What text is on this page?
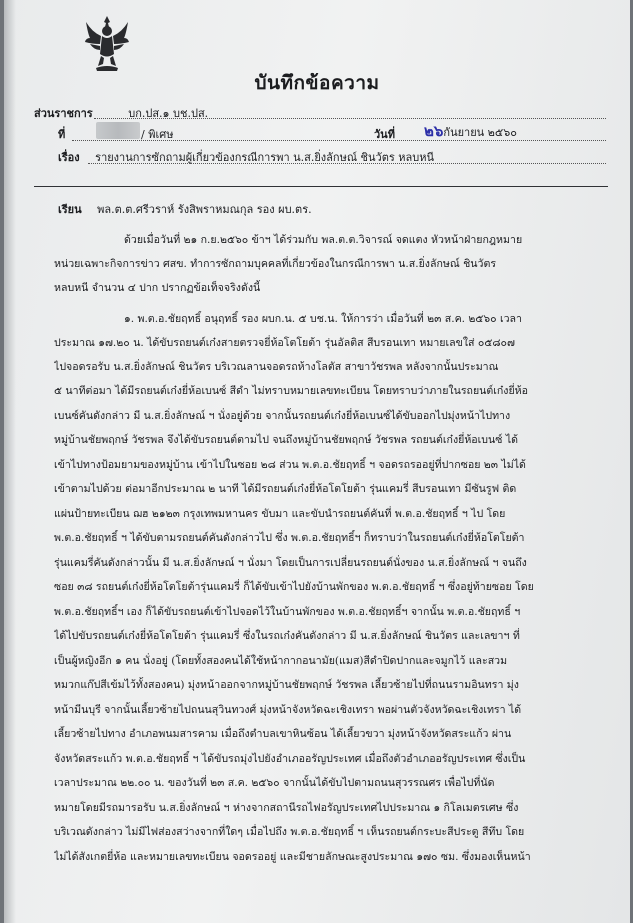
บันทึกข้อความ
ส่วนราชการ	บก.ปส.๑ บช.ปส.
ที่	/ พิเศษ	วันที่ ๒๖กันยายน ๒๕๖๐
เรื่อง รายงานการซักถามผู้เกี่ยวข้องกรณีการพา น.ส.ยิ่งลักษณ์ ชินวัตร หลบหนี
เรียน พล.ต.ต.ศรีวราห์ รังสิพราหมณกุล รอง ผบ.ตร.
ด้วยเมื่อวันที่ ๒๑ ก.ย.๒๕๖๐ ข้าฯ ได้ร่วมกับ พล.ต.ต.วิจารณ์ จดแตง หัวหน้าฝ่ายกฎหมาย
หน่วยเฉพาะกิจการข่าว ศสข. ทำการซักถามบุคคลที่เกี่ยวข้องในกรณีการพา น.ส.ยิ่งลักษณ์ ชินวัตร
หลบหนี จำนวน ๔ ปาก ปรากฏข้อเท็จจริงดังนี้
๑. พ.ต.อ.ชัยฤทธิ์ อนุฤทธิ์ รอง ผบก.น. ๕ บช.น. ให้การว่า เมื่อวันที่ ๒๓ ส.ค. ๒๕๖๐ เวลา
ประมาณ ๑๗.๒๐ น. ได้ขับรถยนต์เก๋งสายตรวจยี่ห้อโตโยต้า รุ่นอัลติส สีบรอนเทา หมายเลขใส่ ๐๕๘๐๗
ไปจอดรอรับ น.ส.ยิ่งลักษณ์ ชินวัตร บริเวณลานจอดรถห้างโลตัส สาขาวัชรพล หลังจากนั้นประมาณ
๕ นาทีต่อมา ได้มีรถยนต์เก๋งยี่ห้อเบนซ์ สีดำ ไม่ทราบหมายเลขทะเบียน โดยทราบว่าภายในรถยนต์เก๋งยี่ห้อ
เบนซ์คันดังกล่าว มี น.ส.ยิ่งลักษณ์ ฯ นั่งอยู่ด้วย จากนั้นรถยนต์เก๋งยี่ห้อเบนซ์ได้ขับออกไปมุ่งหน้าไปทาง
หมู่บ้านชัยพฤกษ์ วัชรพล จึงได้ขับรถยนต์ตามไป จนถึงหมู่บ้านชัยพฤกษ์ วัชรพล รถยนต์เก๋งยี่ห้อเบนซ์ ได้
เข้าไปทางป้อมยามของหมู่บ้าน เข้าไปในซอย ๒๘ ส่วน พ.ต.อ.ชัยฤทธิ์ ฯ จอดรถรออยู่ที่ปากซอย ๒๓ ไม่ได้
เข้าตามไปด้วย ต่อมาอีกประมาณ ๒ นาที ได้มีรถยนต์เก๋งยี่ห้อโตโยต้า รุ่นแคมรี่ สีบรอนเทา มีซันรูฟ ติด
แผ่นป้ายทะเบียน ฌฮ ๒๑๒๓ กรุงเทพมหานคร ขับมา และขับนำรถยนต์คันที่ พ.ต.อ.ชัยฤทธิ์ ฯ ไป โดย
พ.ต.อ.ชัยฤทธิ์ ฯ ได้ขับตามรถยนต์คันดังกล่าวไป ซึ่ง พ.ต.อ.ชัยฤทธิ์ฯ ก็ทราบว่าในรถยนต์เก๋งยี่ห้อโตโยต้า
รุ่นแคมรี่คันดังกล่าวนั้น มี น.ส.ยิ่งลักษณ์ ฯ นั่งมา โดยเป็นการเปลี่ยนรถยนต์นั่งของ น.ส.ยิ่งลักษณ์ ฯ จนถึง
ซอย ๓๘ รถยนต์เก๋งยี่ห้อโตโยต้ารุ่นแคมรี่ ก็ได้ขับเข้าไปยังบ้านพักของ พ.ต.อ.ชัยฤทธิ์ ฯ ซึ่งอยู่ท้ายซอย โดย
พ.ต.อ.ชัยฤทธิ์ฯ เอง ก็ได้ขับรถยนต์เข้าไปจอดไว้ในบ้านพักของ พ.ต.อ.ชัยฤทธิ์ฯ จากนั้น พ.ต.อ.ชัยฤทธิ์ ฯ
ได้ไปขับรถยนต์เก๋งยี่ห้อโตโยต้า รุ่นแคมรี่ ซึ่งในรถเก๋งคันดังกล่าว มี น.ส.ยิ่งลักษณ์ ชินวัตร และเลขาฯ ที่
เป็นผู้หญิงอีก ๑ คน นั่งอยู่ (โดยทั้งสองคนได้ใช้หน้ากากอนามัย(แมส)สีดำปิดปากและจมูกไว้ และสวม
หมวกแก๊ปสีเข้มไว้ทั้งสองคน) มุ่งหน้าออกจากหมู่บ้านชัยพฤกษ์ วัชรพล เลี้ยวซ้ายไปที่ถนนรามอินทรา มุ่ง
หน้ามีนบุรี จากนั้นเลี้ยวซ้ายไปถนนสุวินทวงศ์ มุ่งหน้าจังหวัดฉะเชิงเทรา พอผ่านตัวจังหวัดฉะเชิงเทรา ได้
เลี้ยวซ้ายไปทาง อำเภอพนมสารคาม เมื่อถึงตำบลเขาหินซ้อน ได้เลี้ยวขวา มุ่งหน้าจังหวัดสระแก้ว ผ่าน
จังหวัดสระแก้ว พ.ต.อ.ชัยฤทธิ์ ฯ ได้ขับรถมุ่งไปยังอำเภออรัญประเทศ เมื่อถึงตัวอำเภออรัญประเทศ ซึ่งเป็น
เวลาประมาณ ๒๒.๐๐ น. ของวันที่ ๒๓ ส.ค. ๒๕๖๐ จากนั้นได้ขับไปตามถนนสุวรรณศร เพื่อไปที่นัด
หมายโดยมีรถมารอรับ น.ส.ยิ่งลักษณ์ ฯ ห่างจากสถานีรถไฟอรัญประเทศไปประมาณ ๑ กิโลเมตรเศษ ซึ่ง
บริเวณดังกล่าว ไม่มีไฟส่องสว่างจากที่ใดๆ เมื่อไปถึง พ.ต.อ.ชัยฤทธิ์ ฯ เห็นรถยนต์กระบะสีประตู สีทึบ โดย
ไม่ได้สังเกตยี่ห้อ และหมายเลขทะเบียน จอดรออยู่ และมีชายลักษณะสูงประมาณ ๑๗๐ ซม. ซึ่งมองเห็นหน้า
